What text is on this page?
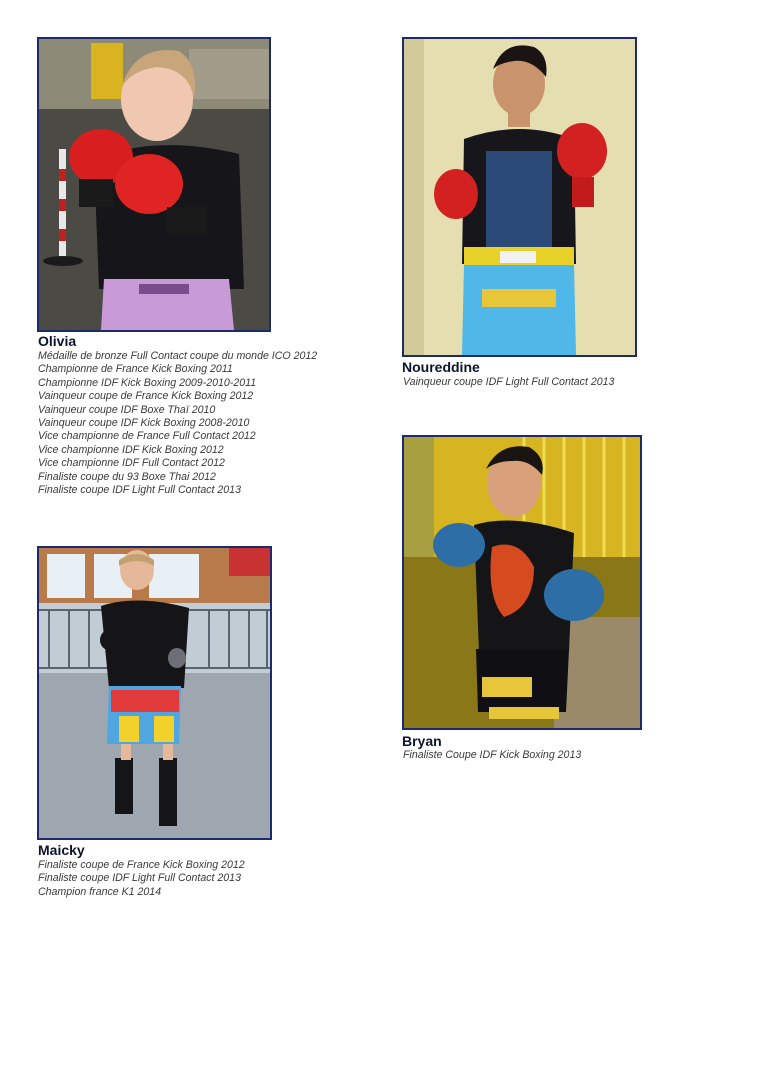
Olivia
Médaille de bronze Full Contact coupe du monde ICO 2012
Championne de France Kick Boxing 2011
Championne IDF Kick Boxing 2009-2010-2011
Vainqueur coupe de France Kick Boxing 2012
Vainqueur coupe IDF Boxe Thaï 2010
Vainqueur coupe IDF Kick Boxing 2008-2010
Vice championne de France Full Contact 2012
Vice championne IDF Kick Boxing 2012
Vice championne IDF Full Contact 2012
Finaliste coupe du 93 Boxe Thai 2012
Finaliste coupe IDF Light Full Contact 2013
Noureddine
Vainqueur coupe IDF Light Full Contact 2013
Maicky
Finaliste coupe de France Kick Boxing 2012
Finaliste coupe IDF Light Full Contact 2013
Champion france K1 2014
Bryan
Finaliste Coupe IDF Kick Boxing 2013
